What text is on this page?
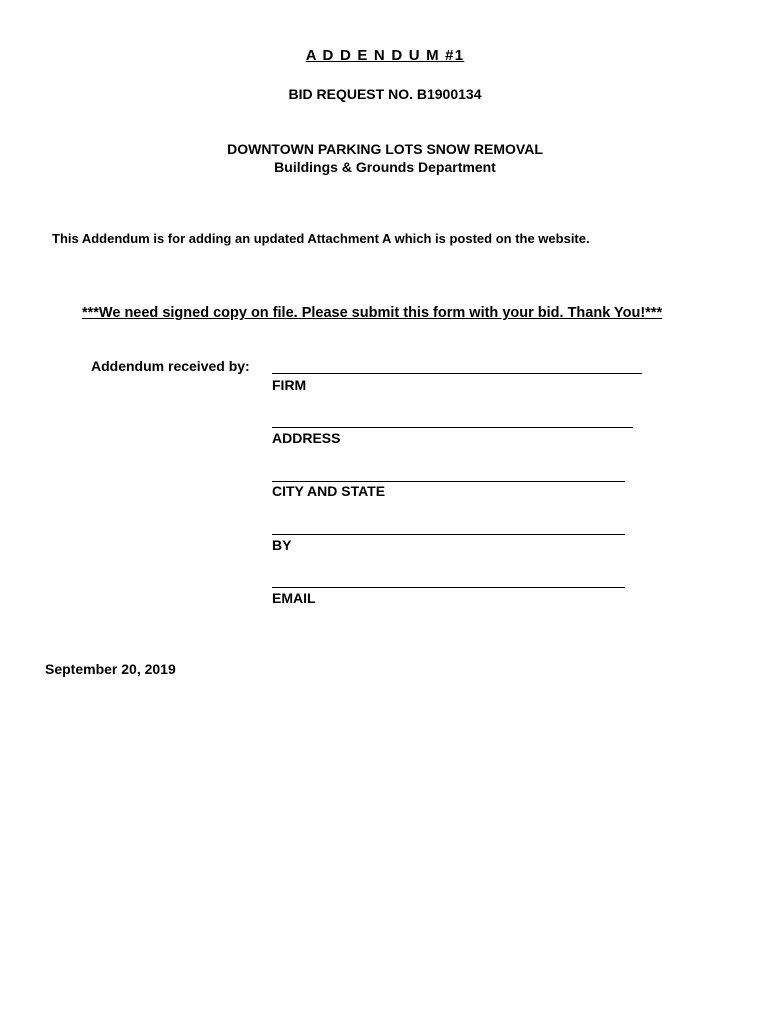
A D D E N D U M #1
BID REQUEST NO. B1900134
DOWNTOWN PARKING LOTS SNOW REMOVAL
Buildings & Grounds Department
This Addendum is for adding an updated Attachment A which is posted on the website.
***We need signed copy on file. Please submit this form with your bid. Thank You!***
Addendum received by:
FIRM
ADDRESS
CITY AND STATE
BY
EMAIL
September 20, 2019
